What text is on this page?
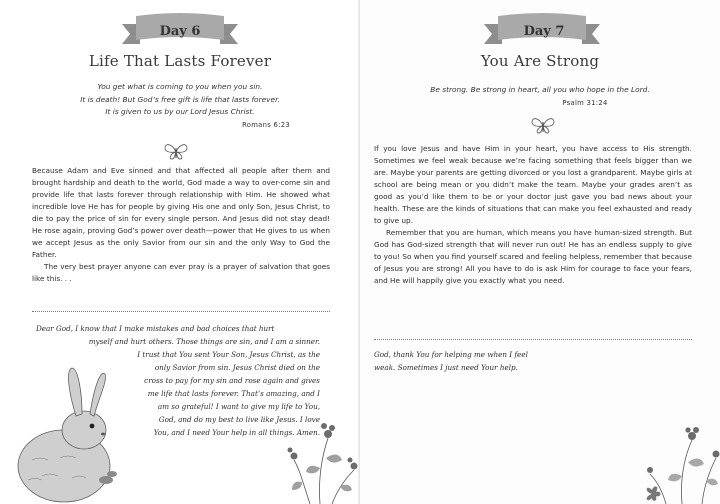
Day 6
Life That Lasts Forever
You get what is coming to you when you sin.
It is death! But God’s free gift is life that lasts forever.
It is given to us by our Lord Jesus Christ.
Romans 6:23

Because Adam and Eve sinned and that affected all people after them and brought hardship and death to the world, God made a way to over-come sin and provide life that lasts forever through relationship with Him. He showed what incredible love He has for people by giving His one and only Son, Jesus Christ, to die to pay the price of sin for every single person. And Jesus did not stay dead! He rose again, proving God’s power over death—power that He gives to us when we accept Jesus as the only Savior from our sin and the only Way to God the Father.

The very best prayer anyone can ever pray is a prayer of salvation that goes like this. . .

Dear God, I know that I make mistakes and bad choices that hurt
myself and hurt others. Those things are sin, and I am a sinner.
I trust that You sent Your Son, Jesus Christ, as the
only Savior from sin. Jesus Christ died on the
cross to pay for my sin and rose again and gives
me life that lasts forever. That’s amazing, and I
am so grateful! I want to give my life to You,
God, and do my best to live like Jesus. I love
You, and I need Your help in all things. Amen.
Day 7
You Are Strong
Be strong. Be strong in heart, all you who hope in the Lord.
Psalm 31:24

If you love Jesus and have Him in your heart, you have access to His strength. Sometimes we feel weak because we’re facing something that feels bigger than we are. Maybe your parents are getting divorced or you lost a grandparent. Maybe girls at school are being mean or you didn’t make the team. Maybe your grades aren’t as good as you’d like them to be or your doctor just gave you bad news about your health. These are the kinds of situations that can make you feel exhausted and ready to give up.

Remember that you are human, which means you have human-sized strength. But God has God-sized strength that will never run out! He has an endless supply to give to you! So when you find yourself scared and feeling helpless, remember that because of Jesus you are strong! All you have to do is ask Him for courage to face your fears, and He will happily give you exactly what you need.

God, thank You for helping me when I feel
weak. Sometimes I just need Your help.
